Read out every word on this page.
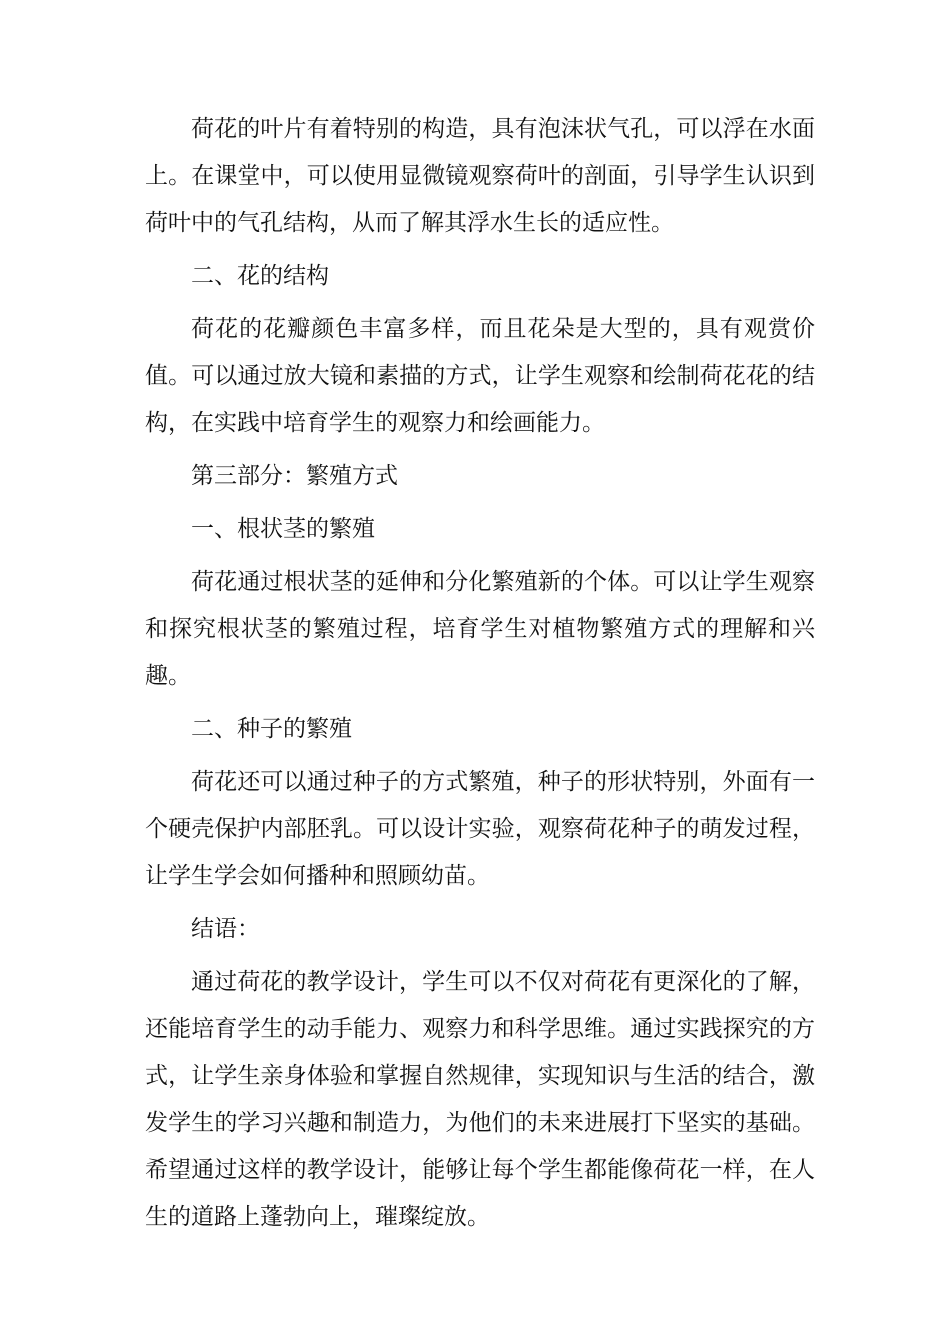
荷花的叶片有着特别的构造，具有泡沫状气孔，可以浮在水面上。在课堂中，可以使用显微镜观察荷叶的剖面，引导学生认识到荷叶中的气孔结构，从而了解其浮水生长的适应性。

二、花的结构

荷花的花瓣颜色丰富多样，而且花朵是大型的，具有观赏价值。可以通过放大镜和素描的方式，让学生观察和绘制荷花花的结构，在实践中培育学生的观察力和绘画能力。

第三部分：繁殖方式

一、根状茎的繁殖

荷花通过根状茎的延伸和分化繁殖新的个体。可以让学生观察和探究根状茎的繁殖过程，培育学生对植物繁殖方式的理解和兴趣。

二、种子的繁殖

荷花还可以通过种子的方式繁殖，种子的形状特别，外面有一个硬壳保护内部胚乳。可以设计实验，观察荷花种子的萌发过程，让学生学会如何播种和照顾幼苗。

结语：

通过荷花的教学设计，学生可以不仅对荷花有更深化的了解，还能培育学生的动手能力、观察力和科学思维。通过实践探究的方式，让学生亲身体验和掌握自然规律，实现知识与生活的结合，激发学生的学习兴趣和制造力，为他们的未来进展打下坚实的基础。希望通过这样的教学设计，能够让每个学生都能像荷花一样，在人生的道路上蓬勃向上，璀璨绽放。
